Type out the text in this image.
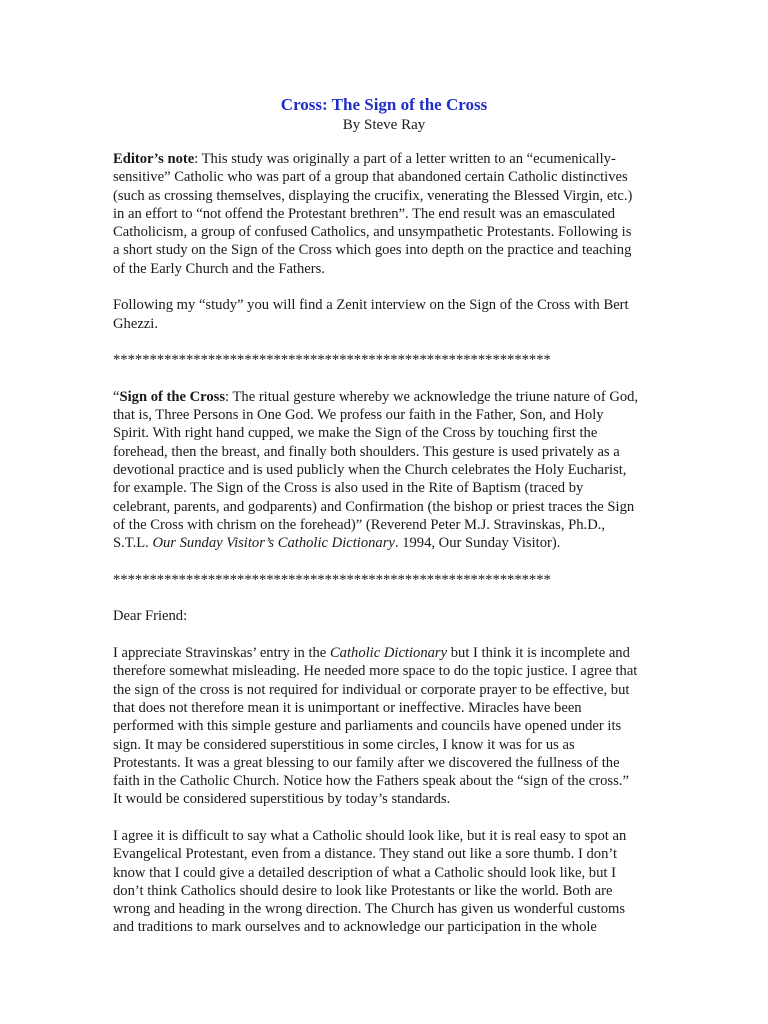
Cross: The Sign of the Cross
By Steve Ray
Editor’s note: This study was originally a part of a letter written to an “ecumenically-
sensitive” Catholic who was part of a group that abandoned certain Catholic distinctives
(such as crossing themselves, displaying the crucifix, venerating the Blessed Virgin, etc.)
in an effort to “not offend the Protestant brethren”. The end result was an emasculated
Catholicism, a group of confused Catholics, and unsympathetic Protestants. Following is
a short study on the Sign of the Cross which goes into depth on the practice and teaching
of the Early Church and the Fathers.
Following my “study” you will find a Zenit interview on the Sign of the Cross with Bert
Ghezzi.
************************************************************
“Sign of the Cross: The ritual gesture whereby we acknowledge the triune nature of God,
that is, Three Persons in One God. We profess our faith in the Father, Son, and Holy
Spirit. With right hand cupped, we make the Sign of the Cross by touching first the
forehead, then the breast, and finally both shoulders. This gesture is used privately as a
devotional practice and is used publicly when the Church celebrates the Holy Eucharist,
for example. The Sign of the Cross is also used in the Rite of Baptism (traced by
celebrant, parents, and godparents) and Confirmation (the bishop or priest traces the Sign
of the Cross with chrism on the forehead)” (Reverend Peter M.J. Stravinskas, Ph.D.,
S.T.L. Our Sunday Visitor’s Catholic Dictionary. 1994, Our Sunday Visitor).
************************************************************
Dear Friend:
I appreciate Stravinskas’ entry in the Catholic Dictionary but I think it is incomplete and
therefore somewhat misleading. He needed more space to do the topic justice. I agree that
the sign of the cross is not required for individual or corporate prayer to be effective, but
that does not therefore mean it is unimportant or ineffective. Miracles have been
performed with this simple gesture and parliaments and councils have opened under its
sign. It may be considered superstitious in some circles, I know it was for us as
Protestants. It was a great blessing to our family after we discovered the fullness of the
faith in the Catholic Church. Notice how the Fathers speak about the “sign of the cross.”
It would be considered superstitious by today’s standards.
I agree it is difficult to say what a Catholic should look like, but it is real easy to spot an
Evangelical Protestant, even from a distance. They stand out like a sore thumb. I don’t
know that I could give a detailed description of what a Catholic should look like, but I
don’t think Catholics should desire to look like Protestants or like the world. Both are
wrong and heading in the wrong direction. The Church has given us wonderful customs
and traditions to mark ourselves and to acknowledge our participation in the whole
